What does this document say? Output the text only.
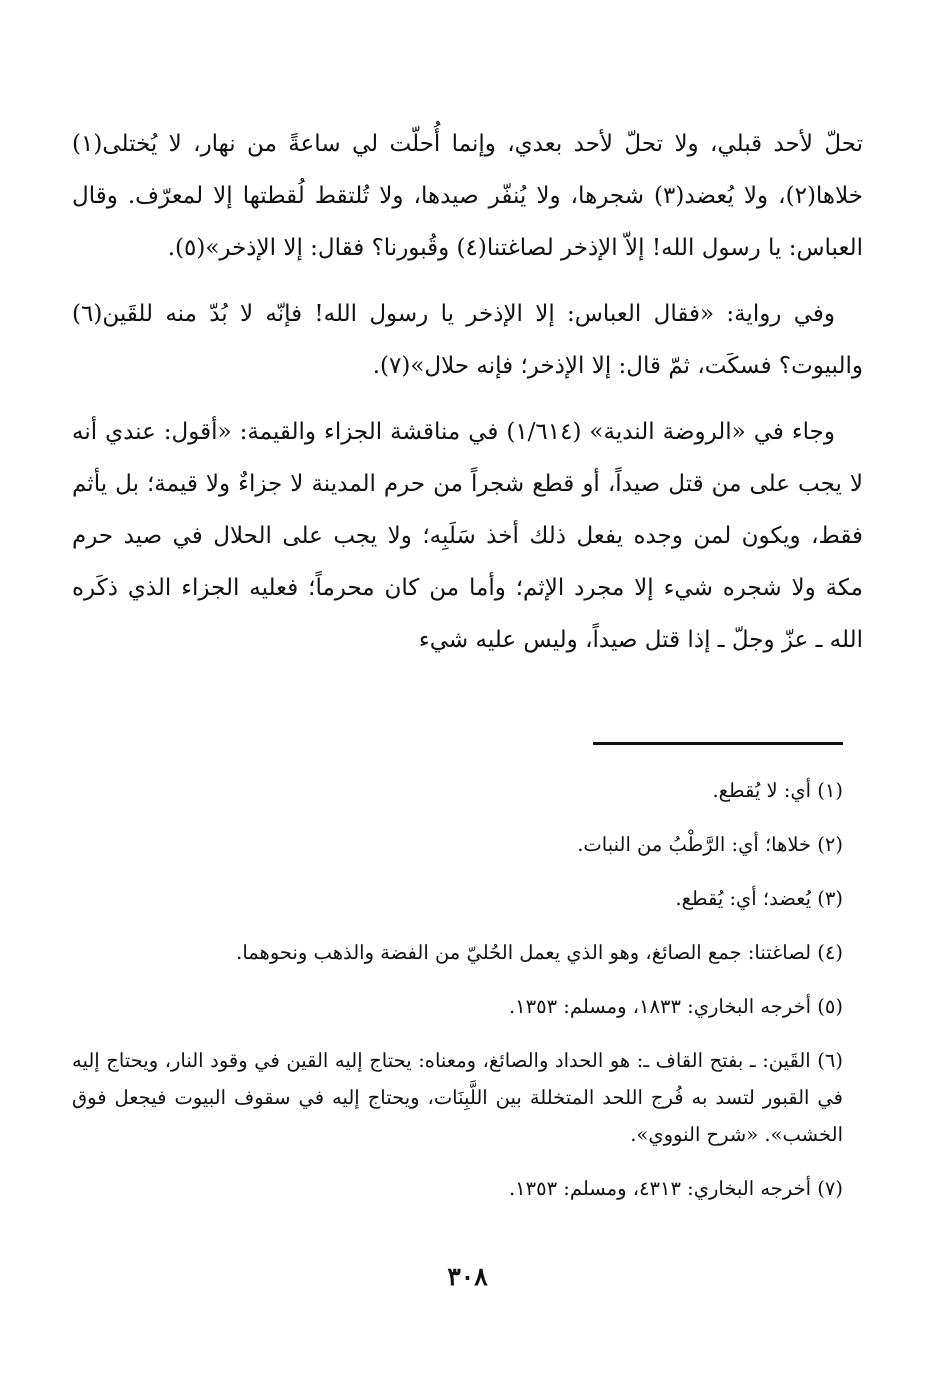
تحلّ لأحد قبلي، ولا تحلّ لأحد بعدي، وإنما أُحلّت لي ساعةً من نهار، لا يُختلى(١) خلاها(٢)، ولا يُعضد(٣) شجرها، ولا يُنفّر صيدها، ولا تُلتقط لُقطتها إلا لمعرّف. وقال العباس: يا رسول الله! إلاّ الإذخر لصاغتنا(٤) وقُبورنا؟ فقال: إلا الإذخر»(٥).

وفي رواية: «فقال العباس: إلا الإذخر يا رسول الله! فإنّه لا بُدّ منه للقَين(٦) والبيوت؟ فسكَت، ثمّ قال: إلا الإذخر؛ فإنه حلال»(٧).

وجاء في «الروضة الندية» (١/٦١٤) في مناقشة الجزاء والقيمة: «أقول: عندي أنه لا يجب على من قتل صيداً، أو قطع شجراً من حرم المدينة لا جزاءٌ ولا قيمة؛ بل يأثم فقط، ويكون لمن وجده يفعل ذلك أخذ سَلَبِه؛ ولا يجب على الحلال في صيد حرم مكة ولا شجره شيء إلا مجرد الإثم؛ وأما من كان محرماً؛ فعليه الجزاء الذي ذكَره الله ـ عزّ وجلّ ـ إذا قتل صيداً، وليس عليه شيء

(١) أي: لا يُقطع.

(٢) خلاها؛ أي: الرَّطْبُ من النبات.

(٣) يُعضد؛ أي: يُقطع.

(٤) لصاغتنا: جمع الصائغ، وهو الذي يعمل الحُليّ من الفضة والذهب ونحوهما.

(٥) أخرجه البخاري: ١٨٣٣، ومسلم: ١٣٥٣.

(٦) القَين: ـ بفتح القاف ـ: هو الحداد والصائغ، ومعناه: يحتاج إليه القين في وقود النار، ويحتاج إليه في القبور لتسد به فُرج اللحد المتخللة بين اللَّبِنَات، ويحتاج إليه في سقوف البيوت فيجعل فوق الخشب». «شرح النووي».

(٧) أخرجه البخاري: ٤٣١٣، ومسلم: ١٣٥٣.

٣٠٨
